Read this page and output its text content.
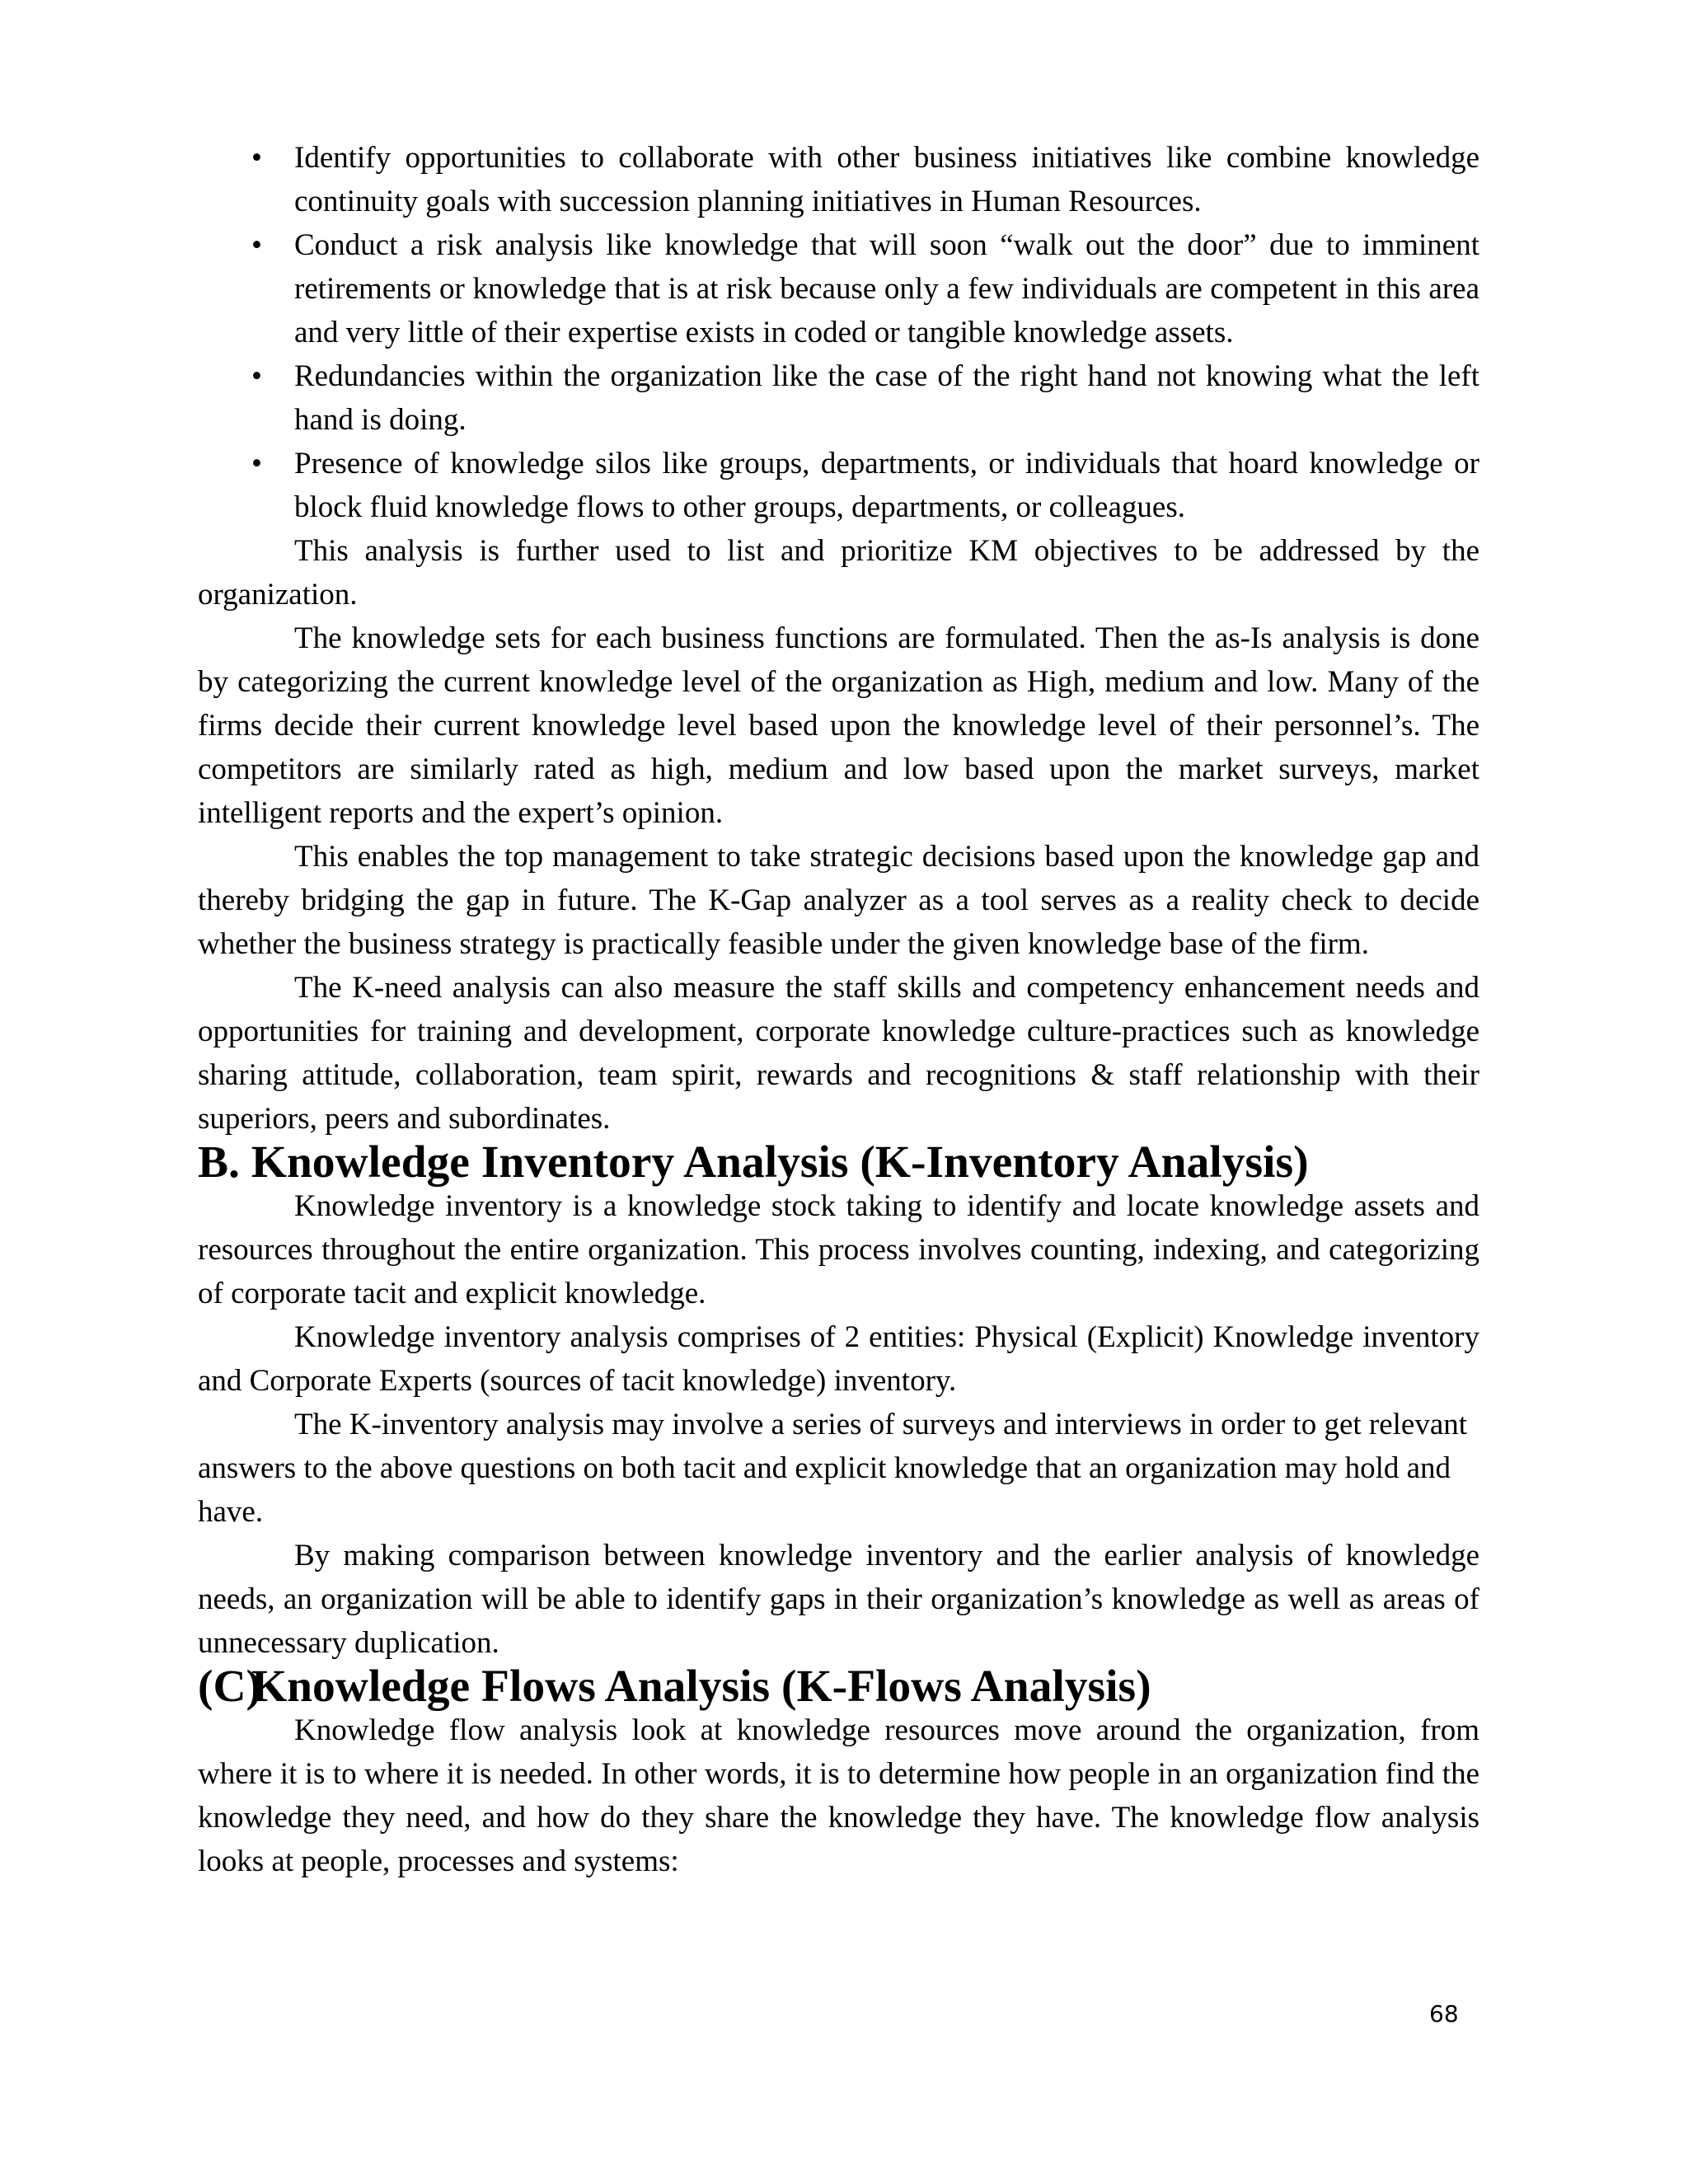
•	Identify opportunities to collaborate with other business initiatives like combine knowledge continuity goals with succession planning initiatives in Human Resources.
•	Conduct a risk analysis like knowledge that will soon “walk out the door” due to imminent retirements or knowledge that is at risk because only a few individuals are competent in this area and very little of their expertise exists in coded or tangible knowledge assets.
•	Redundancies within the organization like the case of the right hand not knowing what the left hand is doing.
•	Presence of knowledge silos like groups, departments, or individuals that hoard knowledge or block fluid knowledge flows to other groups, departments, or colleagues.

This analysis is further used to list and prioritize KM objectives to be addressed by the organization.

The knowledge sets for each business functions are formulated. Then the as-Is analysis is done by categorizing the current knowledge level of the organization as High, medium and low. Many of the firms decide their current knowledge level based upon the knowledge level of their personnel’s. The competitors are similarly rated as high, medium and low based upon the market surveys, market intelligent reports and the expert’s opinion.

This enables the top management to take strategic decisions based upon the knowledge gap and thereby bridging the gap in future. The K-Gap analyzer as a tool serves as a reality check to decide whether the business strategy is practically feasible under the given knowledge base of the firm.

The K-need analysis can also measure the staff skills and competency enhancement needs and opportunities for training and development, corporate knowledge culture-practices such as knowledge sharing attitude, collaboration, team spirit, rewards and recognitions & staff relationship with their superiors, peers and subordinates.

B. Knowledge Inventory Analysis (K-Inventory Analysis)

Knowledge inventory is a knowledge stock taking to identify and locate knowledge assets and resources throughout the entire organization. This process involves counting, indexing, and categorizing of corporate tacit and explicit knowledge.

Knowledge inventory analysis comprises of 2 entities: Physical (Explicit) Knowledge inventory and Corporate Experts (sources of tacit knowledge) inventory.

The K-inventory analysis may involve a series of surveys and interviews in order to get relevant answers to the above questions on both tacit and explicit knowledge that an organization may hold and have.

By making comparison between knowledge inventory and the earlier analysis of knowledge needs, an organization will be able to identify gaps in their organization’s knowledge as well as areas of unnecessary duplication.

(C)Knowledge Flows Analysis (K-Flows Analysis)

Knowledge flow analysis look at knowledge resources move around the organization, from where it is to where it is needed. In other words, it is to determine how people in an organization find the knowledge they need, and how do they share the knowledge they have. The knowledge flow analysis looks at people, processes and systems:

68
